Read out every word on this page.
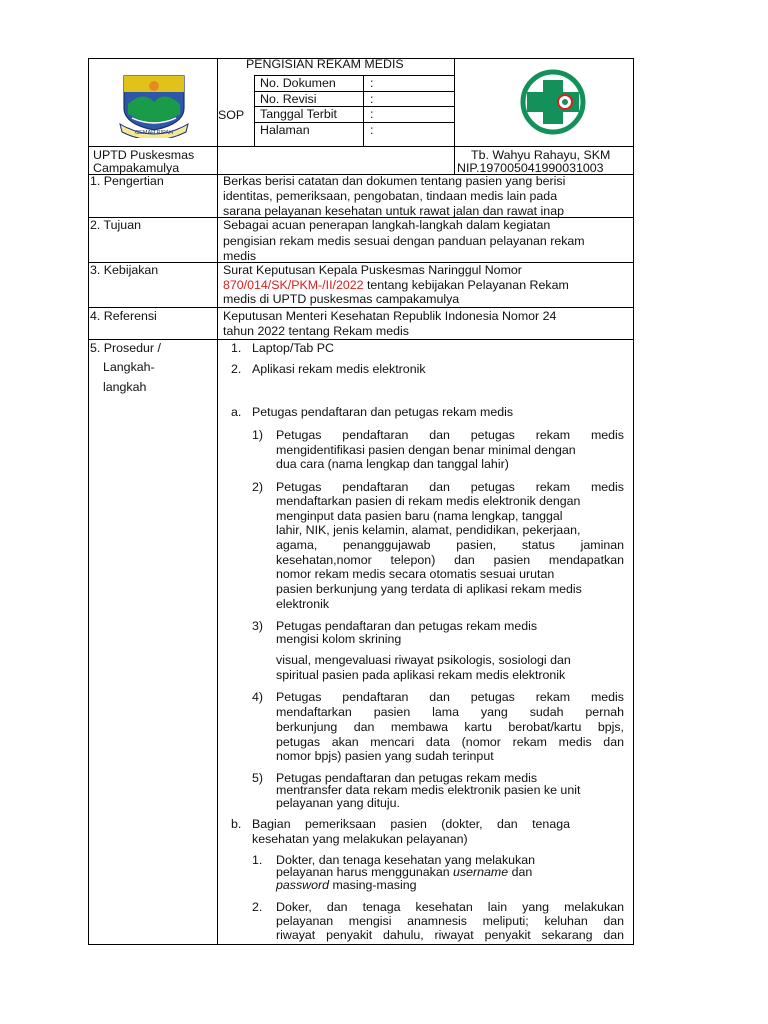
GEMAH RIPAH
PENGISIAN REKAM MEDIS
SOP
No. Dokumen	:
No. Revisi	:
Tanggal Terbit	:
Halaman	:
UPTD Puskesmas
Campakamulya
Tb. Wahyu Rahayu, SKM
NIP.197005041990031003
1. Pengertian	Berkas berisi catatan dan dokumen tentang pasien yang berisi
identitas, pemeriksaan, pengobatan, tindaan medis lain pada
sarana pelayanan kesehatan untuk rawat jalan dan rawat inap
2. Tujuan	Sebagai acuan penerapan langkah-langkah dalam kegiatan
pengisian rekam medis sesuai dengan panduan pelayanan rekam
medis
3. Kebijakan	Surat Keputusan Kepala Puskesmas Naringgul Nomor
870/014/SK/PKM-/II/2022 tentang kebijakan Pelayanan Rekam
medis di UPTD puskesmas campakamulya
4. Referensi	Keputusan Menteri Kesehatan Republik Indonesia Nomor 24
tahun 2022 tentang Rekam medis
5. Prosedur /
Langkah-
langkah
1. Laptop/Tab PC
2. Aplikasi rekam medis elektronik
a. Petugas pendaftaran dan petugas rekam medis
1) Petugas pendaftaran dan petugas rekam medis
mengidentifikasi pasien dengan benar minimal dengan
dua cara (nama lengkap dan tanggal lahir)
2) Petugas pendaftaran dan petugas rekam medis
mendaftarkan pasien di rekam medis elektronik dengan
menginput data pasien baru (nama lengkap, tanggal
lahir, NIK, jenis kelamin, alamat, pendidikan, pekerjaan,
agama, penanggujawab pasien, status jaminan
kesehatan,nomor telepon) dan pasien mendapatkan
nomor rekam medis secara otomatis sesuai urutan
pasien berkunjung yang terdata di aplikasi rekam medis
elektronik
3) Petugas pendaftaran dan petugas rekam medis
mengisi kolom skrining
visual, mengevaluasi riwayat psikologis, sosiologi dan
spiritual pasien pada aplikasi rekam medis elektronik
4) Petugas pendaftaran dan petugas rekam medis
mendaftarkan pasien lama yang sudah pernah
berkunjung dan membawa kartu berobat/kartu bpjs,
petugas akan mencari data (nomor rekam medis dan
nomor bpjs) pasien yang sudah terinput
5) Petugas pendaftaran dan petugas rekam medis
mentransfer data rekam medis elektronik pasien ke unit
pelayanan yang dituju.
b. Bagian pemeriksaan pasien (dokter, dan tenaga
kesehatan yang melakukan pelayanan)
1. Dokter, dan tenaga kesehatan yang melakukan
pelayanan harus menggunakan username dan
password masing-masing
2. Doker, dan tenaga kesehatan lain yang melakukan
pelayanan mengisi anamnesis meliputi; keluhan dan
riwayat penyakit dahulu, riwayat penyakit sekarang dan
